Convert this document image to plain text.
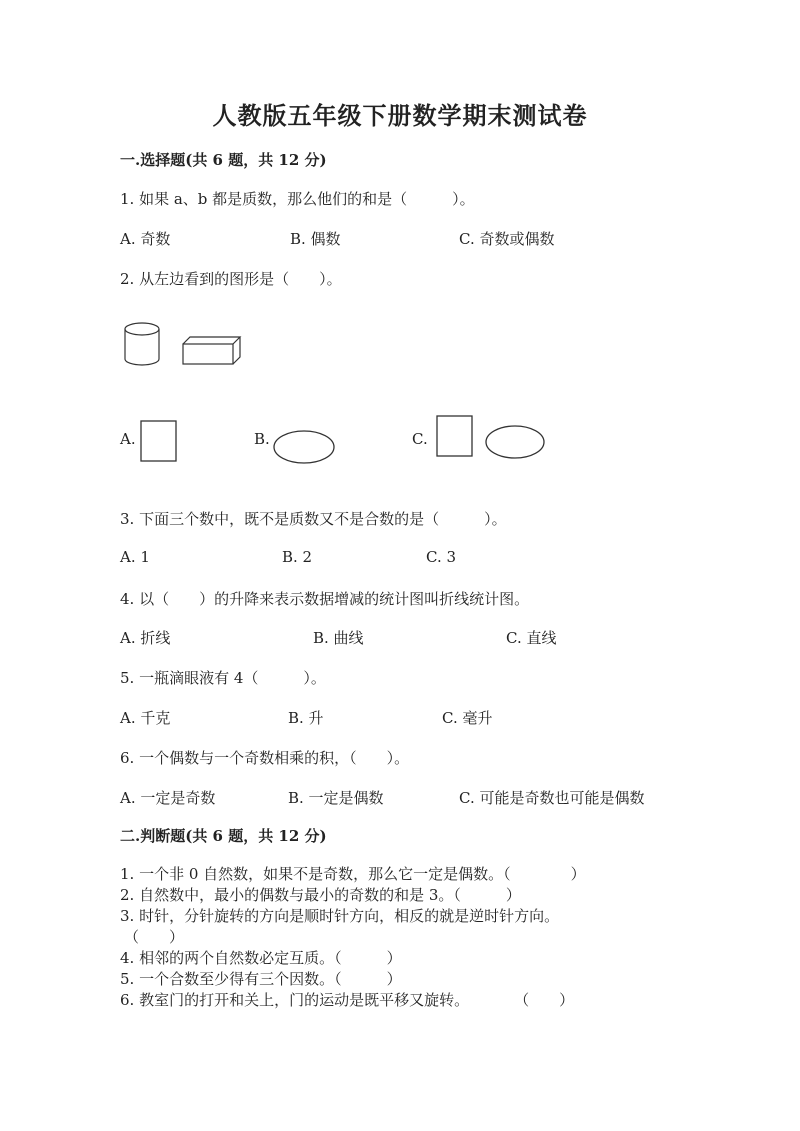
人教版五年级下册数学期末测试卷
一.选择题(共 6 题，共 12 分)
1. 如果 a、b 都是质数，那么他们的和是（　　　）。
A. 奇数	B. 偶数	C. 奇数或偶数
2. 从左边看到的图形是（　　）。
A.	B.	C.
3. 下面三个数中，既不是质数又不是合数的是（　　　）。
A. 1	B. 2	C. 3
4. 以（　　）的升降来表示数据增减的统计图叫折线统计图。
A. 折线	B. 曲线	C. 直线
5. 一瓶滴眼液有 4（　　　）。
A. 千克	B. 升	C. 毫升
6. 一个偶数与一个奇数相乘的积，（　　）。
A. 一定是奇数	B. 一定是偶数	C. 可能是奇数也可能是偶数
二.判断题(共 6 题，共 12 分)
1. 一个非 0 自然数，如果不是奇数，那么它一定是偶数。（　　　　）
2. 自然数中，最小的偶数与最小的奇数的和是 3。（　　　）
3. 时针，分针旋转的方向是顺时针方向，相反的就是逆时针方向。
（　　）
4. 相邻的两个自然数必定互质。（　　　）
5. 一个合数至少得有三个因数。（　　　）
6. 教室门的打开和关上，门的运动是既平移又旋转。　　　　（　　）
